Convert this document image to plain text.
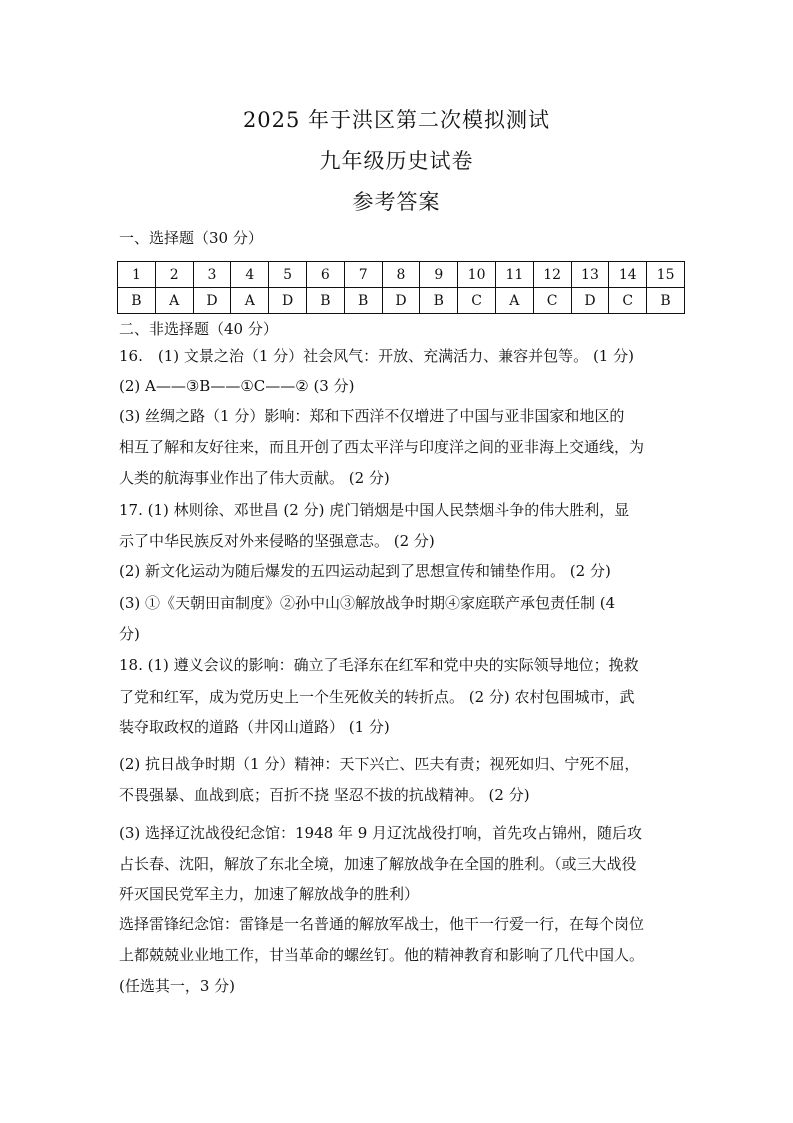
2025 年于洪区第二次模拟测试
九年级历史试卷
参考答案
一、选择题（30 分）
1	2	3	4	5	6	7	8	9	10	11	12	13	14	15
B	A	D	A	D	B	B	D	B	C	A	C	D	C	B
二、非选择题（40 分）
16.　(1) 文景之治（1 分）社会风气：开放、充满活力、兼容并包等。 (1 分)
(2) A——③B——①C——② (3 分)
(3) 丝绸之路（1 分）影响：郑和下西洋不仅增进了中国与亚非国家和地区的
相互了解和友好往来，而且开创了西太平洋与印度洋之间的亚非海上交通线，为
人类的航海事业作出了伟大贡献。 (2 分)
17. (1) 林则徐、邓世昌 (2 分) 虎门销烟是中国人民禁烟斗争的伟大胜利，显
示了中华民族反对外来侵略的坚强意志。 (2 分)
(2) 新文化运动为随后爆发的五四运动起到了思想宣传和铺垫作用。 (2 分)
(3) ①《天朝田亩制度》②孙中山③解放战争时期④家庭联产承包责任制 (4
分)
18. (1) 遵义会议的影响：确立了毛泽东在红军和党中央的实际领导地位；挽救
了党和红军，成为党历史上一个生死攸关的转折点。 (2 分) 农村包围城市，武
装夺取政权的道路（井冈山道路） (1 分)
(2) 抗日战争时期（1 分）精神：天下兴亡、匹夫有责；视死如归、宁死不屈，
不畏强暴、血战到底；百折不挠 坚忍不拔的抗战精神。 (2 分)
(3) 选择辽沈战役纪念馆：1948 年 9 月辽沈战役打响，首先攻占锦州，随后攻
占长春、沈阳，解放了东北全境，加速了解放战争在全国的胜利。（或三大战役
歼灭国民党军主力，加速了解放战争的胜利）
选择雷锋纪念馆：雷锋是一名普通的解放军战士，他干一行爱一行，在每个岗位
上都兢兢业业地工作，甘当革命的螺丝钉。他的精神教育和影响了几代中国人。
(任选其一，3 分)
